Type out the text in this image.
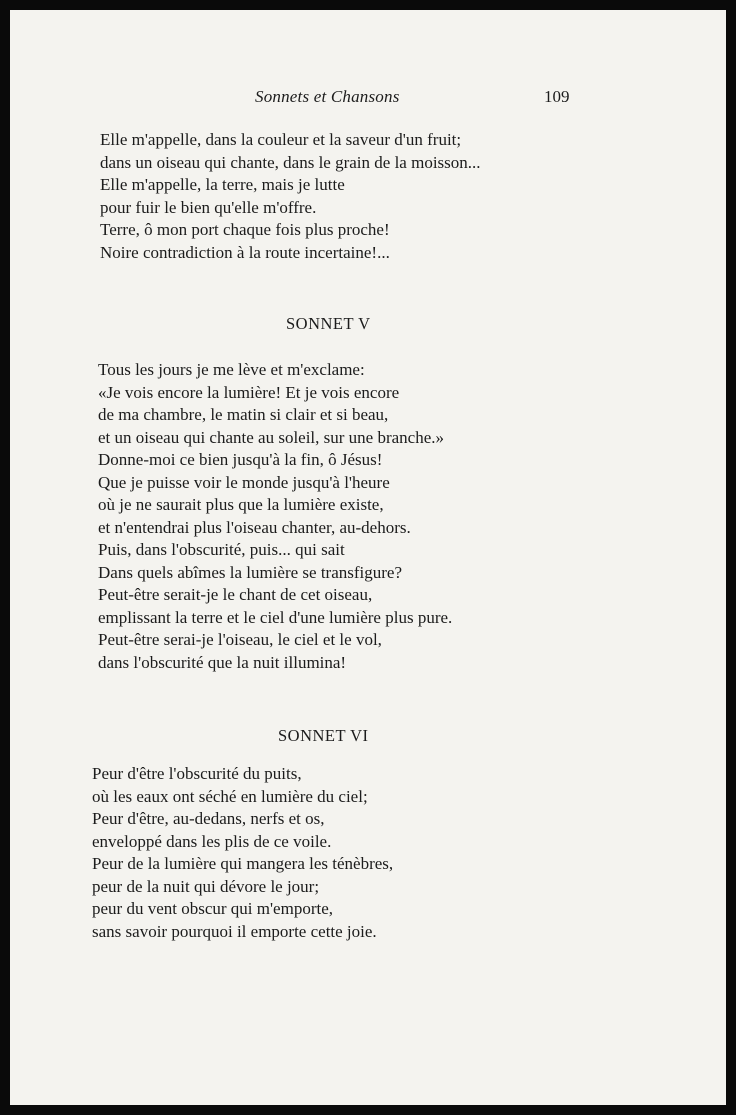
Sonnets et Chansons	109
Elle m'appelle, dans la couleur et la saveur d'un fruit;
dans un oiseau qui chante, dans le grain de la moisson...
Elle m'appelle, la terre, mais je lutte
pour fuir le bien qu'elle m'offre.
Terre, ô mon port chaque fois plus proche!
Noire contradiction à la route incertaine!...
SONNET V
Tous les jours je me lève et m'exclame:
«Je vois encore la lumière! Et je vois encore
de ma chambre, le matin si clair et si beau,
et un oiseau qui chante au soleil, sur une branche.»
Donne-moi ce bien jusqu'à la fin, ô Jésus!
Que je puisse voir le monde jusqu'à l'heure
où je ne saurait plus que la lumière existe,
et n'entendrai plus l'oiseau chanter, au-dehors.
Puis, dans l'obscurité, puis... qui sait
Dans quels abîmes la lumière se transfigure?
Peut-être serait-je le chant de cet oiseau,
emplissant la terre et le ciel d'une lumière plus pure.
Peut-être serai-je l'oiseau, le ciel et le vol,
dans l'obscurité que la nuit illumina!
SONNET VI
Peur d'être l'obscurité du puits,
où les eaux ont séché en lumière du ciel;
Peur d'être, au-dedans, nerfs et os,
enveloppé dans les plis de ce voile.
Peur de la lumière qui mangera les ténèbres,
peur de la nuit qui dévore le jour;
peur du vent obscur qui m'emporte,
sans savoir pourquoi il emporte cette joie.
